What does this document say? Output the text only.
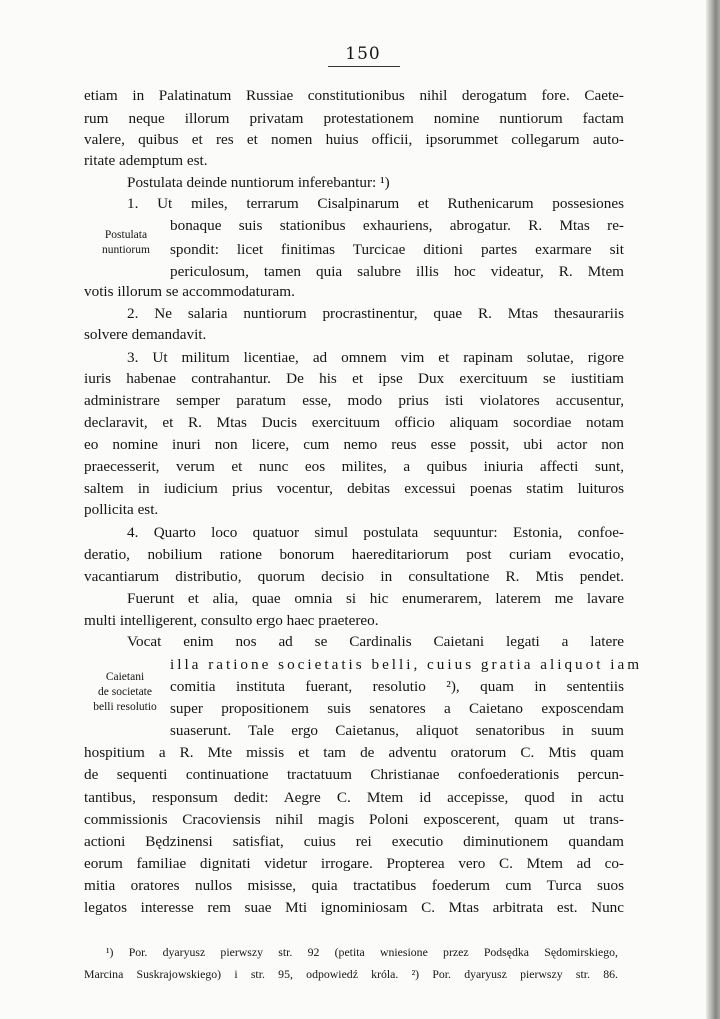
150
etiam in Palatinatum Russiae constitutionibus nihil derogatum fore. Caete-
rum neque illorum privatam protestationem nomine nuntiorum factam
valere, quibus et res et nomen huius officii, ipsorummet collegarum auto-
ritate ademptum est.
Postulata deinde nuntiorum inferebantur: ¹)
1. Ut miles, terrarum Cisalpinarum et Ruthenicarum possesiones
bonaque suis stationibus exhauriens, abrogatur. R. Mtas re-
spondit: licet finitimas Turcicae ditioni partes exarmare sit
periculosum, tamen quia salubre illis hoc videatur, R. Mtem
votis illorum se accommodaturam.
2. Ne salaria nuntiorum procrastinentur, quae R. Mtas thesaurariis
solvere demandavit.
3. Ut militum licentiae, ad omnem vim et rapinam solutae, rigore
iuris habenae contrahantur. De his et ipse Dux exercituum se iustitiam
administrare semper paratum esse, modo prius isti violatores accusentur,
declaravit, et R. Mtas Ducis exercituum officio aliquam socordiae notam
eo nomine inuri non licere, cum nemo reus esse possit, ubi actor non
praecesserit, verum et nunc eos milites, a quibus iniuria affecti sunt,
saltem in iudicium prius vocentur, debitas excessui poenas statim luituros
pollicita est.
4. Quarto loco quatuor simul postulata sequuntur: Estonia, confoe-
deratio, nobilium ratione bonorum haereditariorum post curiam evocatio,
vacantiarum distributio, quorum decisio in consultatione R. Mtis pendet.
Fuerunt et alia, quae omnia si hic enumerarem, laterem me lavare
multi intelligerent, consulto ergo haec praetereo.
Vocat enim nos ad se Cardinalis Caietani legati a latere
illa ratione societatis belli, cuius gratia aliquot iam
comitia instituta fuerant, resolutio ²), quam in sententiis
super propositionem suis senatores a Caietano exposcendam
suaserunt. Tale ergo Caietanus, aliquot senatoribus in suum
hospitium a R. Mte missis et tam de adventu oratorum C. Mtis quam
de sequenti continuatione tractatuum Christianae confoederationis percun-
tantibus, responsum dedit: Aegre C. Mtem id accepisse, quod in actu
commissionis Cracoviensis nihil magis Poloni exposcerent, quam ut trans-
actioni Będzinensi satisfiat, cuius rei executio diminutionem quandam
eorum familiae dignitati videtur irrogare. Propterea vero C. Mtem ad co-
mitia oratores nullos misisse, quia tractatibus foederum cum Turca suos
legatos interesse rem suae Mti ignominiosam C. Mtas arbitrata est. Nunc
Postulata
nuntiorum
Caietani
de societate
belli resolutio
¹) Por. dyaryusz pierwszy str. 92 (petita wniesione przez Podsędka Sędomirskiego,
Marcina Suskrajowskiego) i str. 95, odpowiedź króla. ²) Por. dyaryusz pierwszy str. 86.
